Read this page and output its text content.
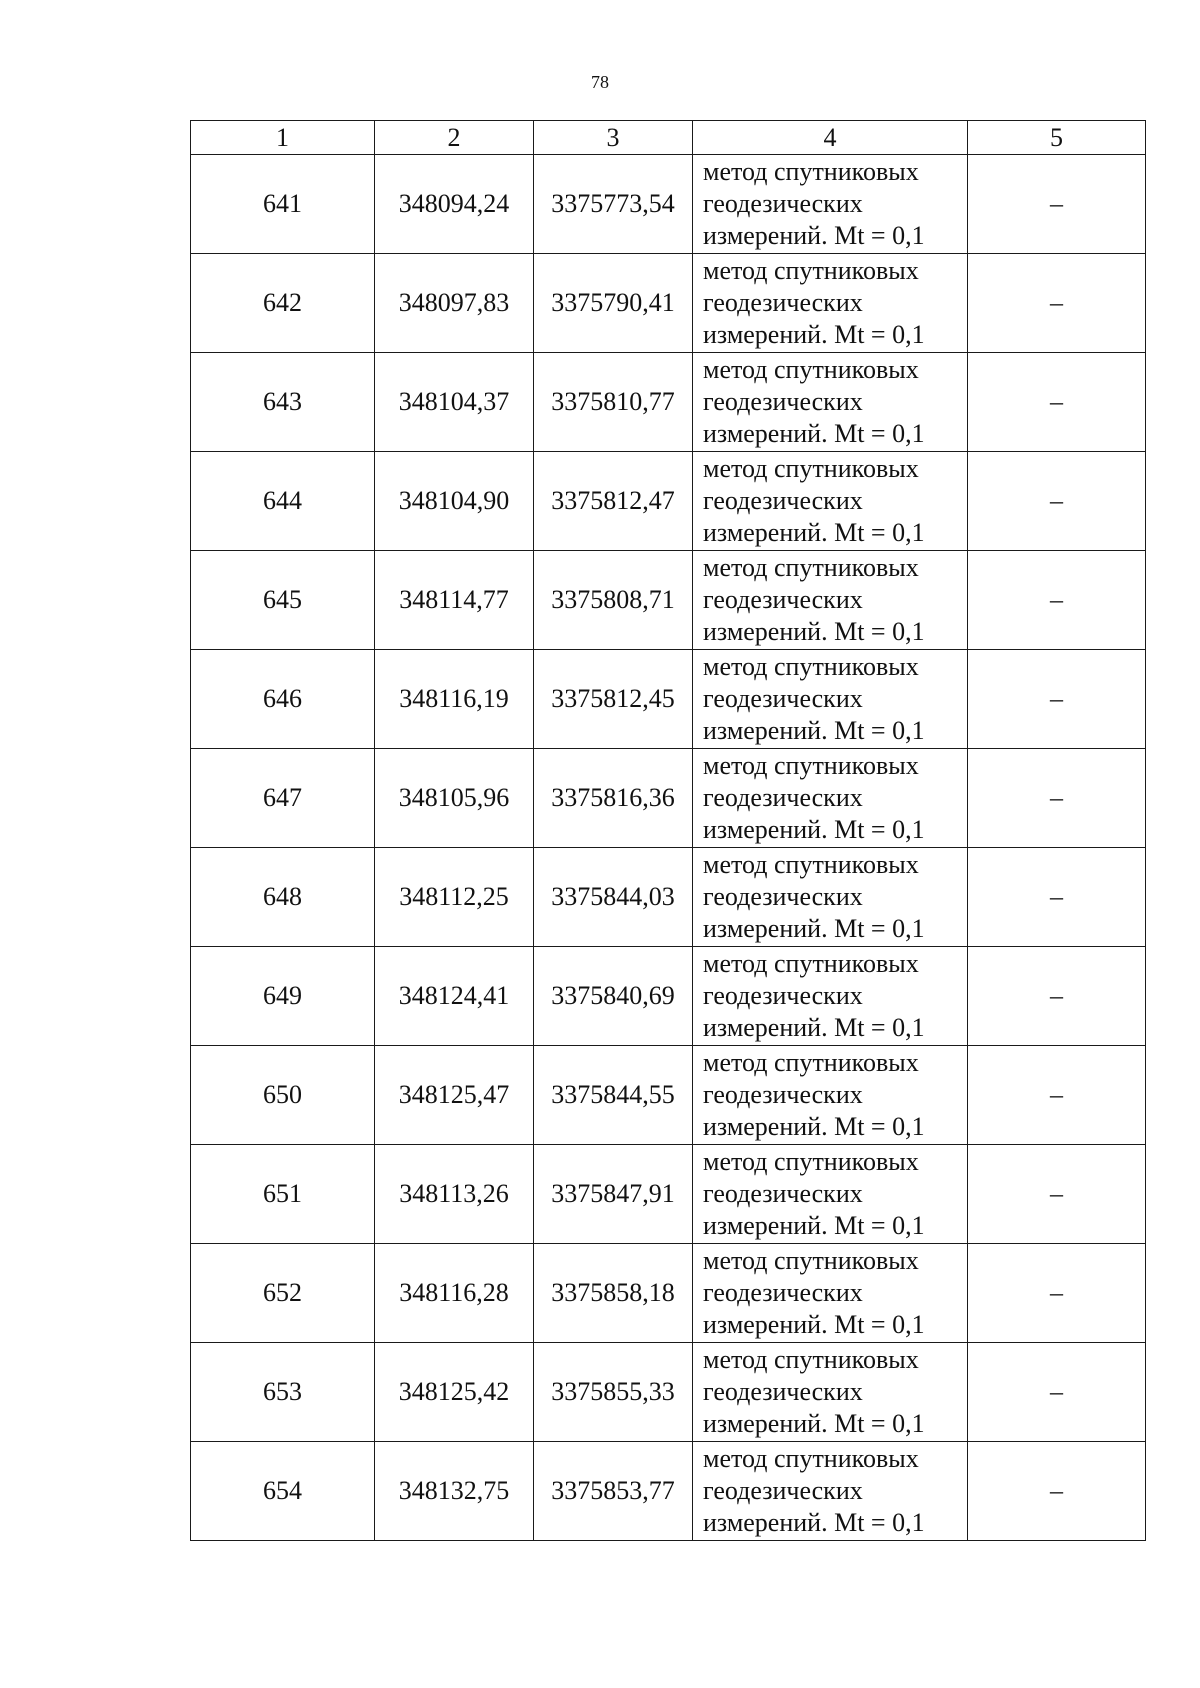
78
1	2	3	4	5
641	348094,24	3375773,54	метод спутниковых
геодезических
измерений. Mt = 0,1	–
642	348097,83	3375790,41	метод спутниковых
геодезических
измерений. Mt = 0,1	–
643	348104,37	3375810,77	метод спутниковых
геодезических
измерений. Mt = 0,1	–
644	348104,90	3375812,47	метод спутниковых
геодезических
измерений. Mt = 0,1	–
645	348114,77	3375808,71	метод спутниковых
геодезических
измерений. Mt = 0,1	–
646	348116,19	3375812,45	метод спутниковых
геодезических
измерений. Mt = 0,1	–
647	348105,96	3375816,36	метод спутниковых
геодезических
измерений. Mt = 0,1	–
648	348112,25	3375844,03	метод спутниковых
геодезических
измерений. Mt = 0,1	–
649	348124,41	3375840,69	метод спутниковых
геодезических
измерений. Mt = 0,1	–
650	348125,47	3375844,55	метод спутниковых
геодезических
измерений. Mt = 0,1	–
651	348113,26	3375847,91	метод спутниковых
геодезических
измерений. Mt = 0,1	–
652	348116,28	3375858,18	метод спутниковых
геодезических
измерений. Mt = 0,1	–
653	348125,42	3375855,33	метод спутниковых
геодезических
измерений. Mt = 0,1	–
654	348132,75	3375853,77	метод спутниковых
геодезических
измерений. Mt = 0,1	–
